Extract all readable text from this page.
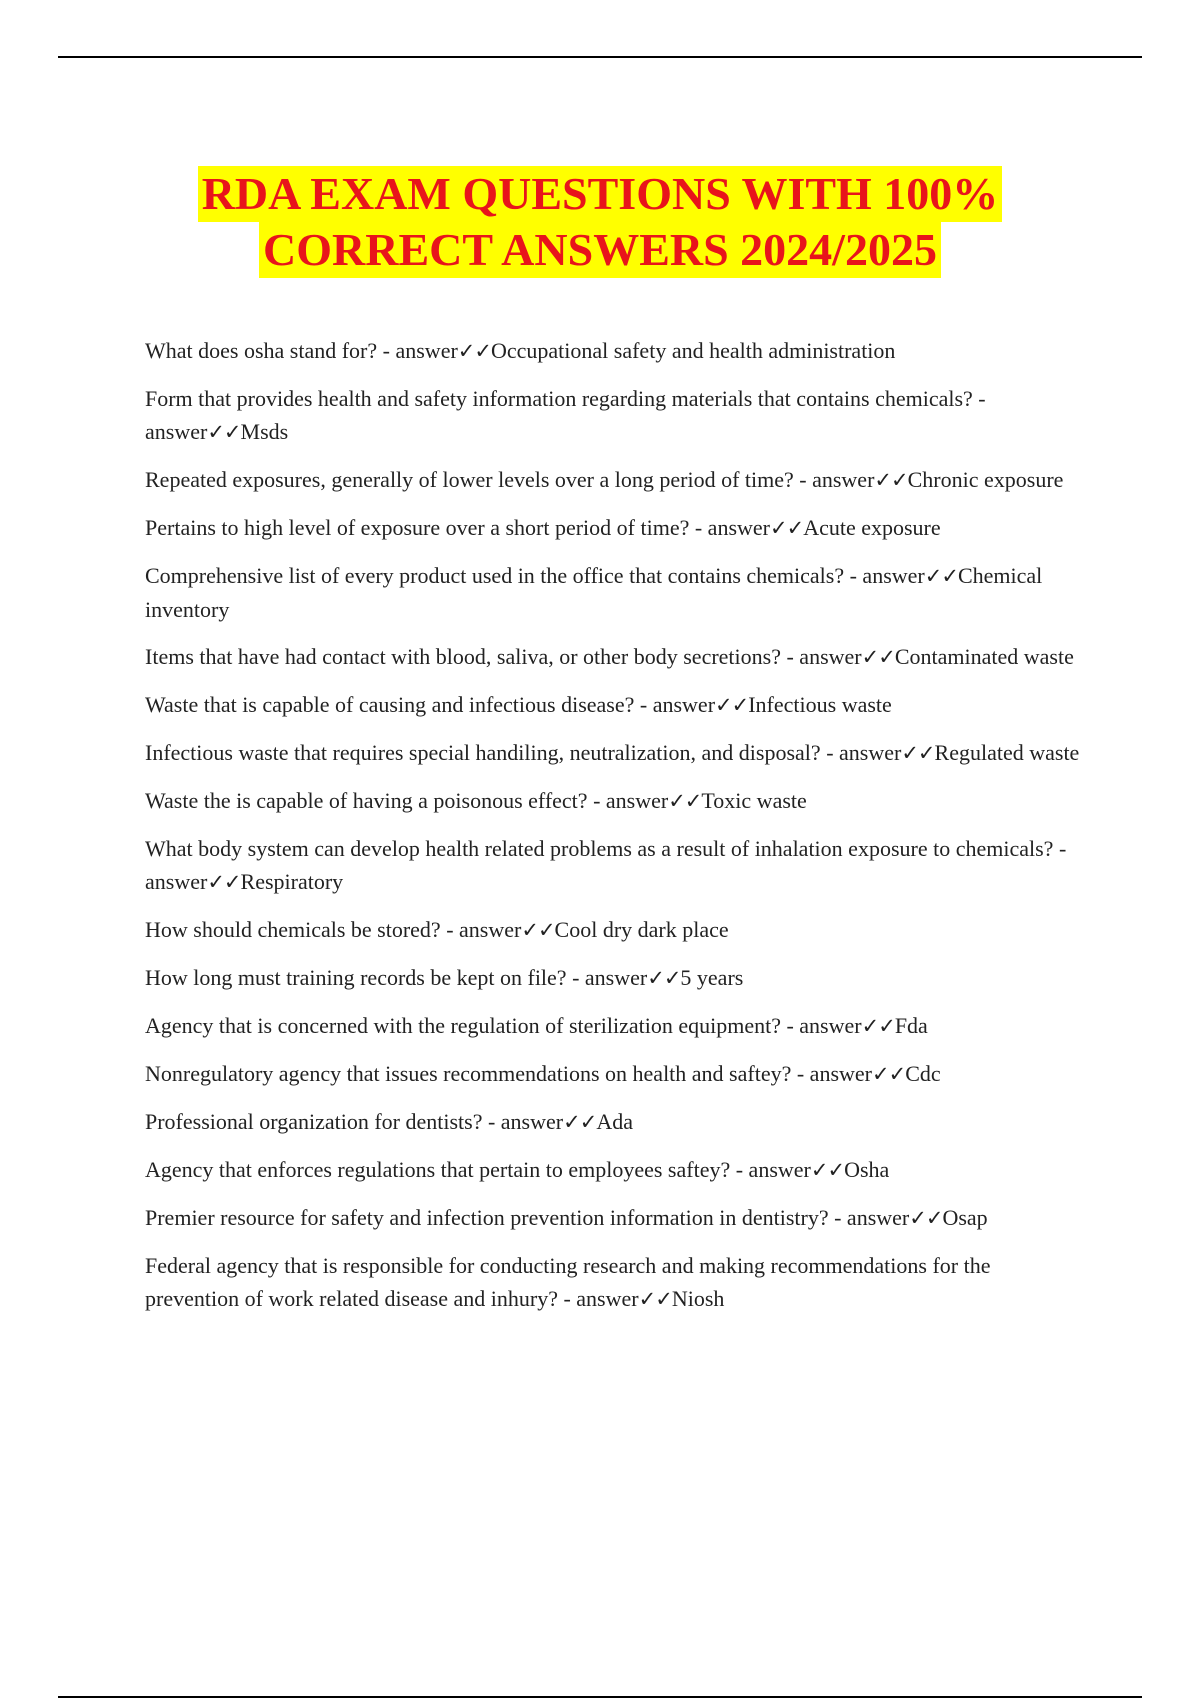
RDA EXAM QUESTIONS WITH 100%
CORRECT ANSWERS 2024/2025
What does osha stand for? - answer✓✓Occupational safety and health administration
Form that provides health and safety information regarding materials that contains chemicals? - answer✓✓Msds
Repeated exposures, generally of lower levels over a long period of time? - answer✓✓Chronic exposure
Pertains to high level of exposure over a short period of time? - answer✓✓Acute exposure
Comprehensive list of every product used in the office that contains chemicals? - answer✓✓Chemical inventory
Items that have had contact with blood, saliva, or other body secretions? - answer✓✓Contaminated waste
Waste that is capable of causing and infectious disease? - answer✓✓Infectious waste
Infectious waste that requires special handiling, neutralization, and disposal? - answer✓✓Regulated waste
Waste the is capable of having a poisonous effect? - answer✓✓Toxic waste
What body system can develop health related problems as a result of inhalation exposure to chemicals? - answer✓✓Respiratory
How should chemicals be stored? - answer✓✓Cool dry dark place
How long must training records be kept on file? - answer✓✓5 years
Agency that is concerned with the regulation of sterilization equipment? - answer✓✓Fda
Nonregulatory agency that issues recommendations on health and saftey? - answer✓✓Cdc
Professional organization for dentists? - answer✓✓Ada
Agency that enforces regulations that pertain to employees saftey? - answer✓✓Osha
Premier resource for safety and infection prevention information in dentistry? - answer✓✓Osap
Federal agency that is responsible for conducting research and making recommendations for the prevention of work related disease and inhury? - answer✓✓Niosh
